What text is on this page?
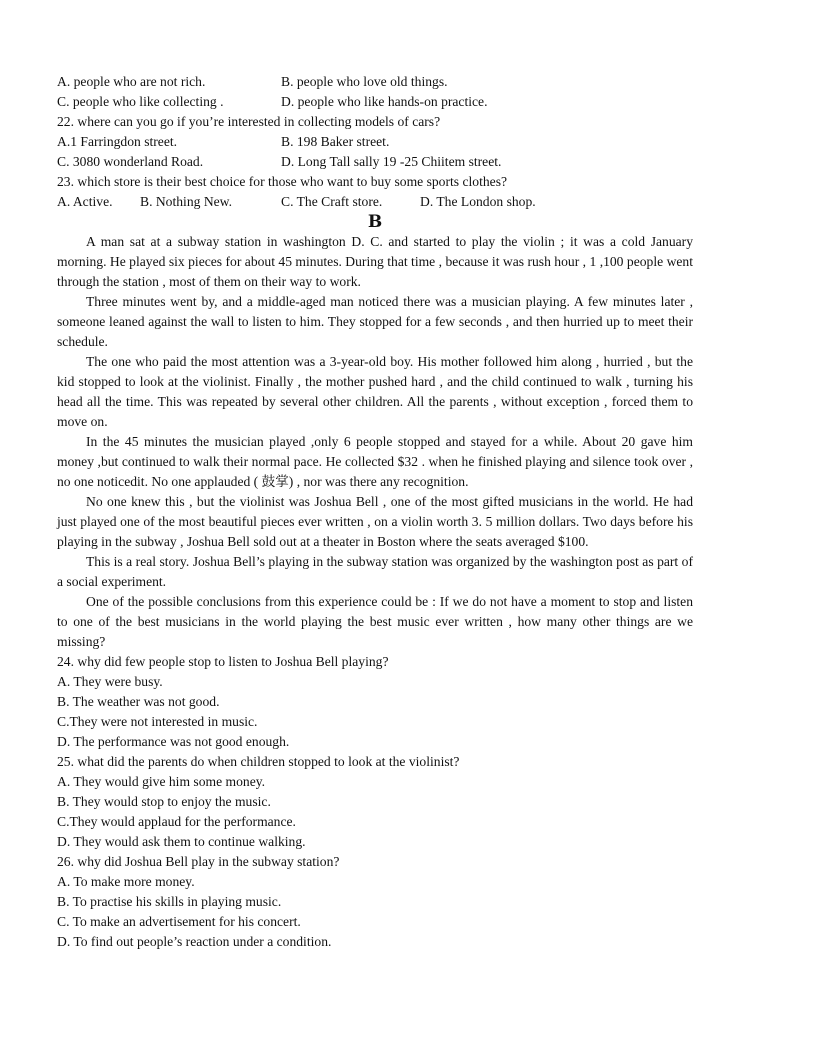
A. people who are not rich.	B. people who love old things.
C. people who like collecting .	D. people who like hands-on practice.
22. where can you go if you’re interested in collecting models of cars?
A.1 Farringdon street.	B. 198 Baker street.
C. 3080 wonderland Road.	D. Long Tall sally 19 -25 Chiitem street.
23. which store is their best choice for those who want to buy some sports clothes?
A. Active. B. Nothing New.	C. The Craft store.	D. The London shop.
B

A man sat at a subway station in washington D. C. and started to play the violin ; it was a cold January morning. He played six pieces for about 45 minutes. During that time , because it was rush hour , 1 ,100 people went through the station , most of them on their way to work.

Three minutes went by, and a middle-aged man noticed there was a musician playing. A few minutes later , someone leaned against the wall to listen to him. They stopped for a few seconds , and then hurried up to meet their schedule.

The one who paid the most attention was a 3-year-old boy. His mother followed him along , hurried , but the kid stopped to look at the violinist. Finally , the mother pushed hard , and the child continued to walk , turning his head all the time. This was repeated by several other children. All the parents , without exception , forced them to move on.

In the 45 minutes the musician played ,only 6 people stopped and stayed for a while. About 20 gave him money ,but continued to walk their normal pace. He collected $32 . when he finished playing and silence took over , no one noticedit. No one applauded ( 鼓掌) , nor was there any recognition.

No one knew this , but the violinist was Joshua Bell , one of the most gifted musicians in the world. He had just played one of the most beautiful pieces ever written , on a violin worth 3. 5 million dollars. Two days before his playing in the subway , Joshua Bell sold out at a theater in Boston where the seats averaged $100.

This is a real story. Joshua Bell’s playing in the subway station was organized by the washington post as part of a social experiment.

One of the possible conclusions from this experience could be : If we do not have a moment to stop and listen to one of the best musicians in the world playing the best music ever written , how many other things are we missing?

24. why did few people stop to listen to Joshua Bell playing?
A. They were busy.
B. The weather was not good.
C.They were not interested in music.
D. The performance was not good enough.
25. what did the parents do when children stopped to look at the violinist?
A. They would give him some money.
B. They would stop to enjoy the music.
C.They would applaud for the performance.
D. They would ask them to continue walking.
26. why did Joshua Bell play in the subway station?
A. To make more money.
B. To practise his skills in playing music.
C. To make an advertisement for his concert.
D. To find out people’s reaction under a condition.
